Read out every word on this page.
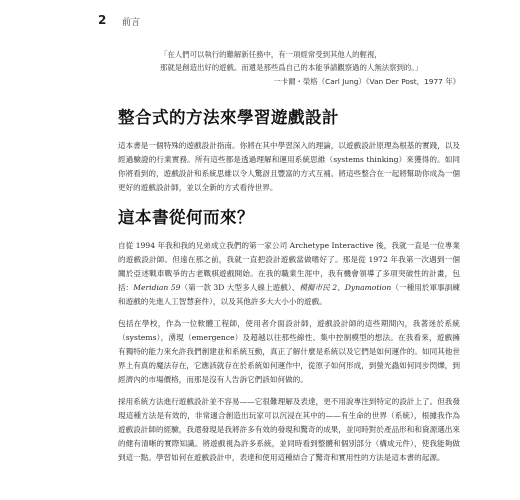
2 前言

「在人們可以執行的難解新任務中，有一項經常受到其他人的輕視，

那就是創造出好的遊戲。而遺是那些爲自己的本能爭請觀察過的人無法察到的。」

一卡爾・榮格（Carl Jung）《Van Der Post，1977 年》

整合式的方法來學習遊戲設計

這本書是一個特殊的遊戲設計指南。你將在其中學習深入的理論，以遊戲設計原理為根基的實踐，以及經過驗證的行業實務。所有這些都是透過理解和運用系統思維（systems thinking）來獲得的。如同你將看到的，遊戲設計和系統思維以令人驚訝且豐富的方式互補。將這些整合在一起將幫助你成為一個更好的遊戲設計師，並以全新的方式看待世界。

這本書從何而來？

自從 1994 年我和我的兄弟成立我們的第一家公司 Archetype Interactive 後，我就一直是一位專業的遊戲設計師。但遠在那之前，我就一直把設計遊戲當做嗜好了。那是從 1972 年我第一次遇到一個關於亞述戰車戰爭的古老戰棋遊戲開始。在我的職業生涯中，我有機會領導了多項突破性的計畫，包括：Meridian 59（第一款 3D 大型多人線上遊戲）、模擬市民 2、Dynamotion（一種用於軍事訓練和遊戲的先進人工智慧套件），以及其他許多大大小小的遊戲。

包括在學校，作為一位軟體工程師，使用者介面設計師，遊戲設計師的這些期間內，我著迷於系統（systems），湧現（emergence）及超越以往那些線性、集中控制模型的想法。在我看來，遊戲擁有獨特的能力來允許我們創建並和系統互動，真正了解什麼是系統以及它們是如何運作的。如同其他世界上有真的魔法存在，它應該就存在於系統如何運作中，從原子如何形成，到螢光蟲如何同步閃爍，到經濟內的市場價格，而那是沒有人告訴它們該如何做的。

採用系統方法進行遊戲設計並不容易——它很難理解及表達，更不用說專注到特定的設計上了。但我發現這種方法是有效的，非常適合創造出玩家可以沉浸在其中的——有生命的世界（系統），根據我作為遊戲設計師的經驗，我還發現是我將許多有效的發現和驚奇的成果，並同時對於產品形和和資源選出來的健有清晰的實際知識。將遊戲視為許多系統，並同時看到整體和個別部分（構成元件），使我能夠做到這一點。學習如何在遊戲設計中，表達和使用這種結合了驚奇和實用性的方法是這本書的起源。
